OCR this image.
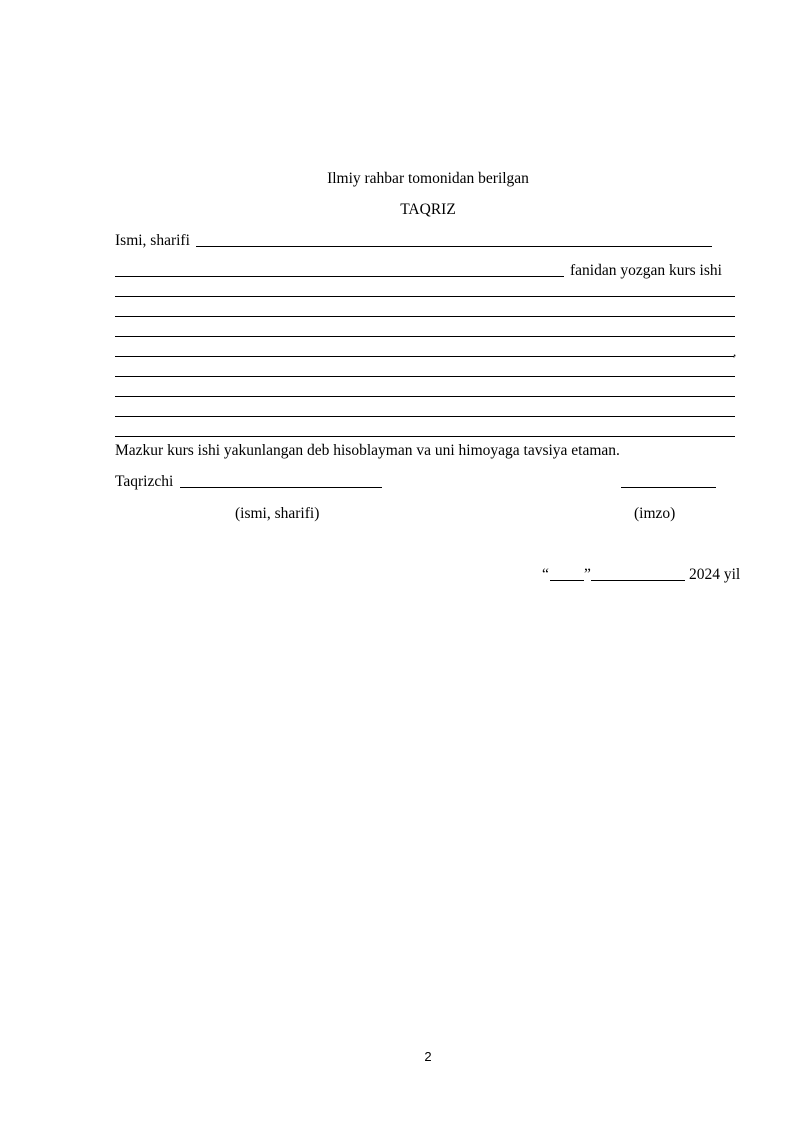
Ilmiy rahbar tomonidan berilgan
TAQRIZ
Ismi, sharifi
fanidan yozgan kurs ishi
,
Mazkur kurs ishi yakunlangan deb hisoblayman va uni himoyaga tavsiya etaman.
Taqrizchi
(ismi, sharifi)	(imzo)
“ ”	2024 yil
2
